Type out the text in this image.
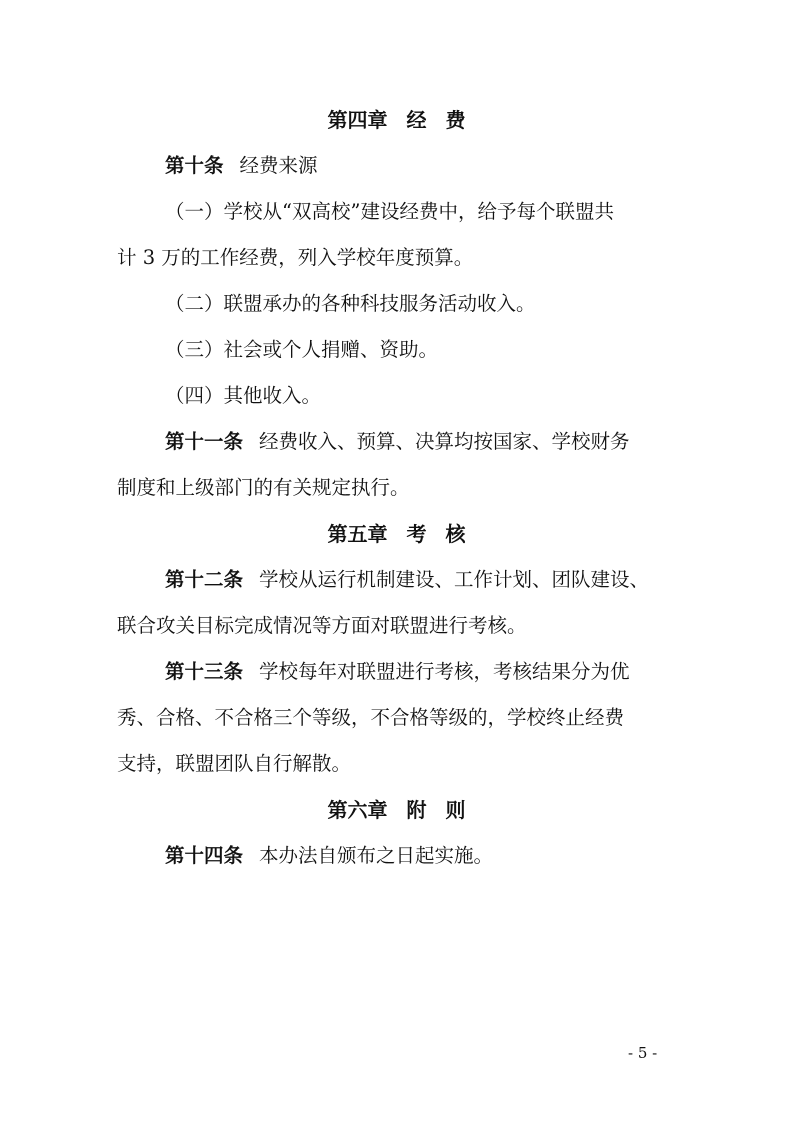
第四章 经 费
第十条 经费来源
（一）学校从“双高校”建设经费中，给予每个联盟共
计 3 万的工作经费，列入学校年度预算。
（二）联盟承办的各种科技服务活动收入。
（三）社会或个人捐赠、资助。
（四）其他收入。
第十一条 经费收入、预算、决算均按国家、学校财务
制度和上级部门的有关规定执行。
第五章 考 核
第十二条 学校从运行机制建设、工作计划、团队建设、
联合攻关目标完成情况等方面对联盟进行考核。
第十三条 学校每年对联盟进行考核，考核结果分为优
秀、合格、不合格三个等级，不合格等级的，学校终止经费
支持，联盟团队自行解散。
第六章 附 则
第十四条 本办法自颁布之日起实施。
- 5 -
